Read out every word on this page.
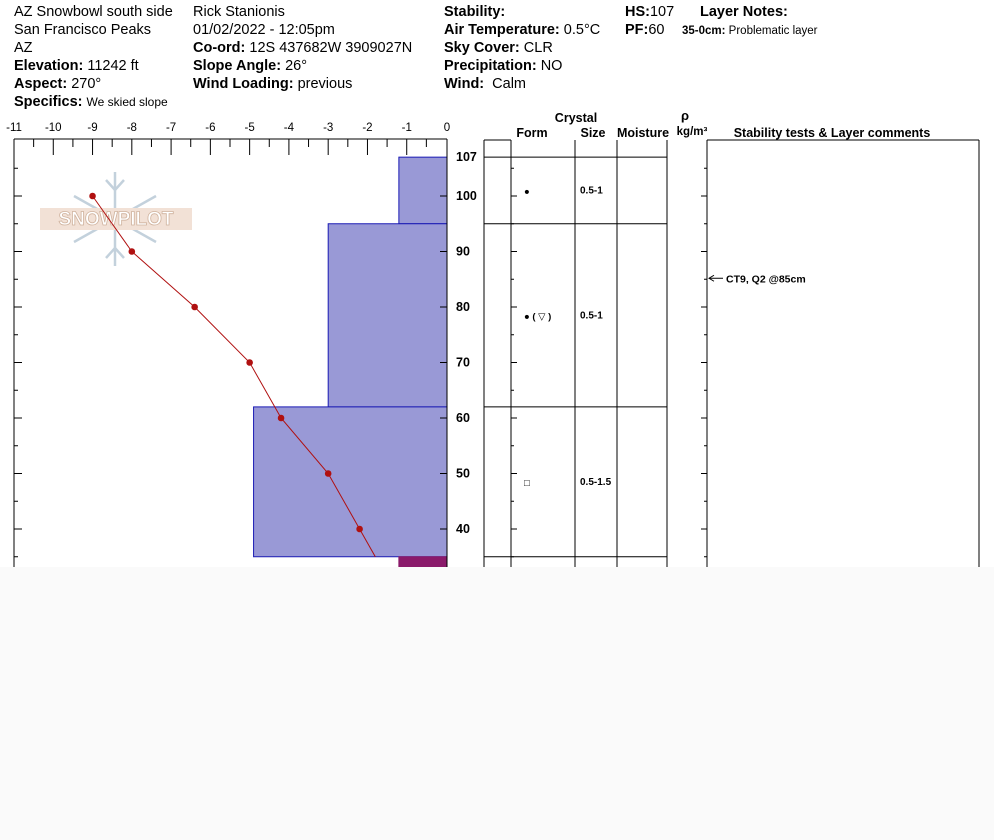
AZ Snowbowl south side
San Francisco Peaks
AZ
Elevation: 11242 ft
Aspect: 270°
Specifics: We skied slope
Rick Stanionis
01/02/2022 - 12:05pm
Co-ord: 12S 437682W 3909027N
Slope Angle: 26°
Wind Loading: previous
Stability:
Air Temperature: 0.5°C
Sky Cover: CLR
Precipitation: NO
Wind: Calm
HS:107
PF:60
Layer Notes:
35-0cm: Problematic layer
SNOWPILOT
-11 -10 -9	-8	-7	-6	-5	-4	-3	-2	-1	0
107
100
90
80
70
60
50
40
Crystal
Form	Size Moisture
ρ
kg/m³ Stability tests & Layer comments
●	0.5-1
● ( ▽ )	0.5-1
□	0.5-1.5
CT9, Q2 @85cm
